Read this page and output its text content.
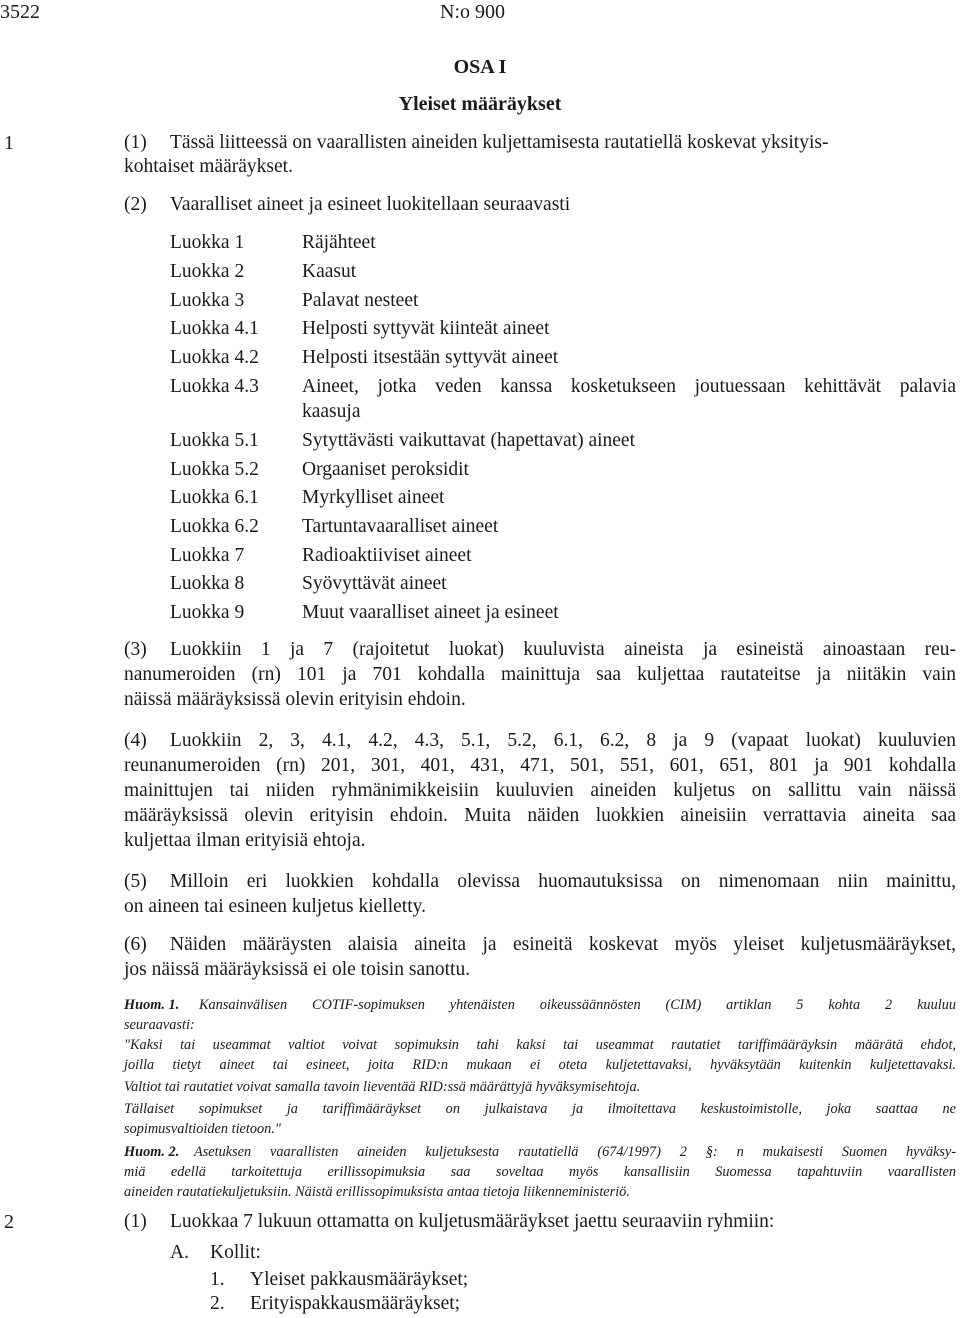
3522	N:o 900
OSA I
Yleiset määräykset
1	(1) Tässä liitteessä on vaarallisten aineiden kuljettamisesta rautatiellä koskevat yksityis-
kohtaiset määräykset.
(2) Vaaralliset aineet ja esineet luokitellaan seuraavasti
Luokka 1	Räjähteet
Luokka 2	Kaasut
Luokka 3	Palavat nesteet
Luokka 4.1 Helposti syttyvät kiinteät aineet
Luokka 4.2 Helposti itsestään syttyvät aineet
Luokka 4.3 Aineet, jotka veden kanssa kosketukseen joutuessaan kehittävät palavia
kaasuja
Luokka 5.1 Sytyttävästi vaikuttavat (hapettavat) aineet
Luokka 5.2 Orgaaniset peroksidit
Luokka 6.1 Myrkylliset aineet
Luokka 6.2 Tartuntavaaralliset aineet
Luokka 7	Radioaktiiviset aineet
Luokka 8	Syövyttävät aineet
Luokka 9	Muut vaaralliset aineet ja esineet
(3) Luokkiin 1 ja 7 (rajoitetut luokat) kuuluvista aineista ja esineistä ainoastaan reu-
nanumeroiden (rn) 101 ja 701 kohdalla mainittuja saa kuljettaa rautateitse ja niitäkin vain
näissä määräyksissä olevin erityisin ehdoin.
(4) Luokkiin 2, 3, 4.1, 4.2, 4.3, 5.1, 5.2, 6.1, 6.2, 8 ja 9 (vapaat luokat) kuuluvien
reunanumeroiden (rn) 201, 301, 401, 431, 471, 501, 551, 601, 651, 801 ja 901 kohdalla
mainittujen tai niiden ryhmänimikkeisiin kuuluvien aineiden kuljetus on sallittu vain näissä
määräyksissä olevin erityisin ehdoin. Muita näiden luokkien aineisiin verrattavia aineita saa
kuljettaa ilman erityisiä ehtoja.
(5) Milloin eri luokkien kohdalla olevissa huomautuksissa on nimenomaan niin mainittu,
on aineen tai esineen kuljetus kielletty.
(6) Näiden määräysten alaisia aineita ja esineitä koskevat myös yleiset kuljetusmääräykset,
jos näissä määräyksissä ei ole toisin sanottu.
Huom. 1. Kansainvälisen COTIF-sopimuksen yhtenäisten oikeussäännösten (CIM) artiklan 5 kohta 2 kuuluu
seuraavasti:
"Kaksi tai useammat valtiot voivat sopimuksin tahi kaksi tai useammat rautatiet tariffimääräyksin määrätä ehdot,
joilla tietyt aineet tai esineet, joita RID:n mukaan ei oteta kuljetettavaksi, hyväksytään kuitenkin kuljetettavaksi.
Valtiot tai rautatiet voivat samalla tavoin lieventää RID:ssä määrättyjä hyväksymisehtoja.
Tällaiset sopimukset ja tariffimääräykset on julkaistava ja ilmoitettava keskustoimistolle, joka saattaa ne
sopimusvaltioiden tietoon."
Huom. 2. Asetuksen vaarallisten aineiden kuljetuksesta rautatiellä (674/1997) 2 §: n mukaisesti Suomen hyväksy-
miä edellä tarkoitettuja erillissopimuksia saa soveltaa myös kansallisiin Suomessa tapahtuviin vaarallisten
aineiden rautatiekuljetuksiin. Näistä erillissopimuksista antaa tietoja liikenneministeriö.
2	(1) Luokkaa 7 lukuun ottamatta on kuljetusmääräykset jaettu seuraaviin ryhmiin:
A. Kollit:
1. Yleiset pakkausmääräykset;
2. Erityispakkausmääräykset;
